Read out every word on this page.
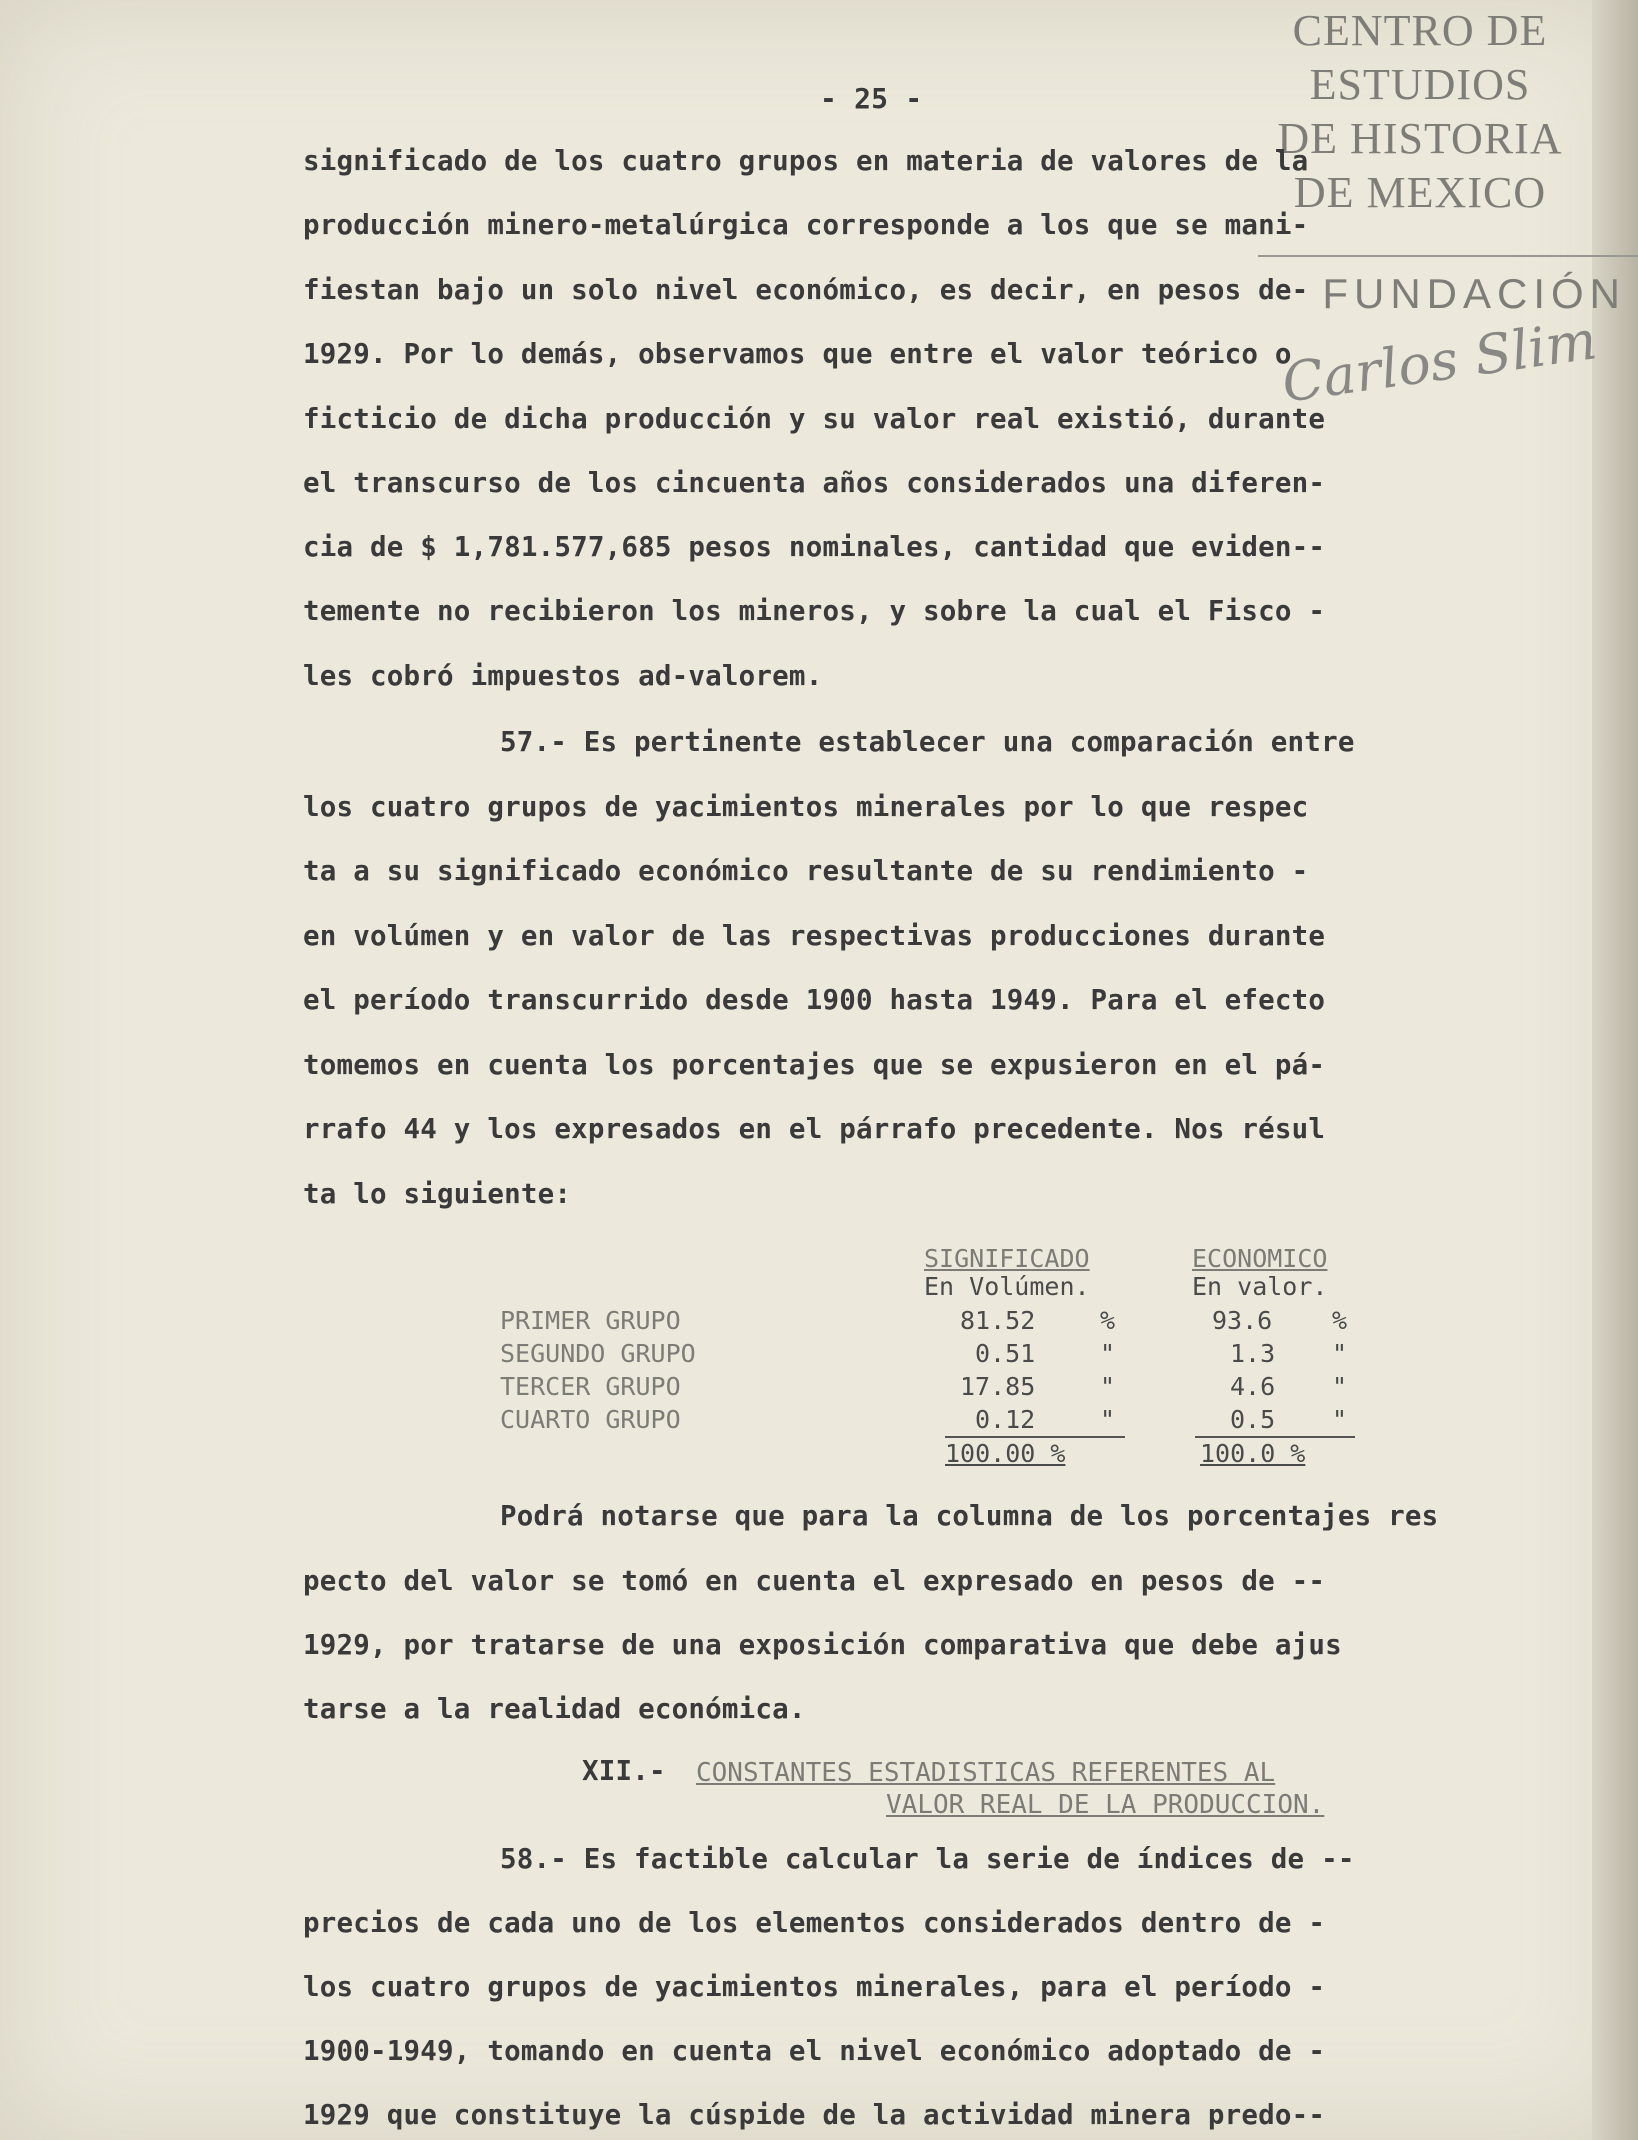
CENTRO DE
ESTUDIOS
DE HISTORIA
DE MEXICO
FUNDACIÓN
Carlos Slim
- 25 -
significado de los cuatro grupos en materia de valores de la
producción minero-metalúrgica corresponde a los que se mani-
fiestan bajo un solo nivel económico, es decir, en pesos de-
1929. Por lo demás, observamos que entre el valor teórico o
ficticio de dicha producción y su valor real existió, durante
el transcurso de los cincuenta años considerados una diferen-
cia de $ 1,781.577,685 pesos nominales, cantidad que eviden--
temente no recibieron los mineros, y sobre la cual el Fisco -
les cobró impuestos ad-valorem.
57.- Es pertinente establecer una comparación entre
los cuatro grupos de yacimientos minerales por lo que respec
ta a su significado económico resultante de su rendimiento -
en volúmen y en valor de las respectivas producciones durante
el período transcurrido desde 1900 hasta 1949. Para el efecto
tomemos en cuenta los porcentajes que se expusieron en el pá-
rrafo 44 y los expresados en el párrafo precedente. Nos résul
ta lo siguiente:
SIGNIFICADO	ECONOMICO
En Volúmen.	En valor.
PRIMER GRUPO	81.52	%	93.6 %
SEGUNDO GRUPO	0.51	"	1.3 "
TERCER GRUPO	17.85	"	4.6 "
CUARTO GRUPO	0.12	"	0.5 "
100.00 %	100.0 %
Podrá notarse que para la columna de los porcentajes res
pecto del valor se tomó en cuenta el expresado en pesos de --
1929, por tratarse de una exposición comparativa que debe ajus
tarse a la realidad económica.
XII.- CONSTANTES ESTADISTICAS REFERENTES AL
VALOR REAL DE LA PRODUCCION.
58.- Es factible calcular la serie de índices de --
precios de cada uno de los elementos considerados dentro de -
los cuatro grupos de yacimientos minerales, para el período -
1900-1949, tomando en cuenta el nivel económico adoptado de -
1929 que constituye la cúspide de la actividad minera predo--
